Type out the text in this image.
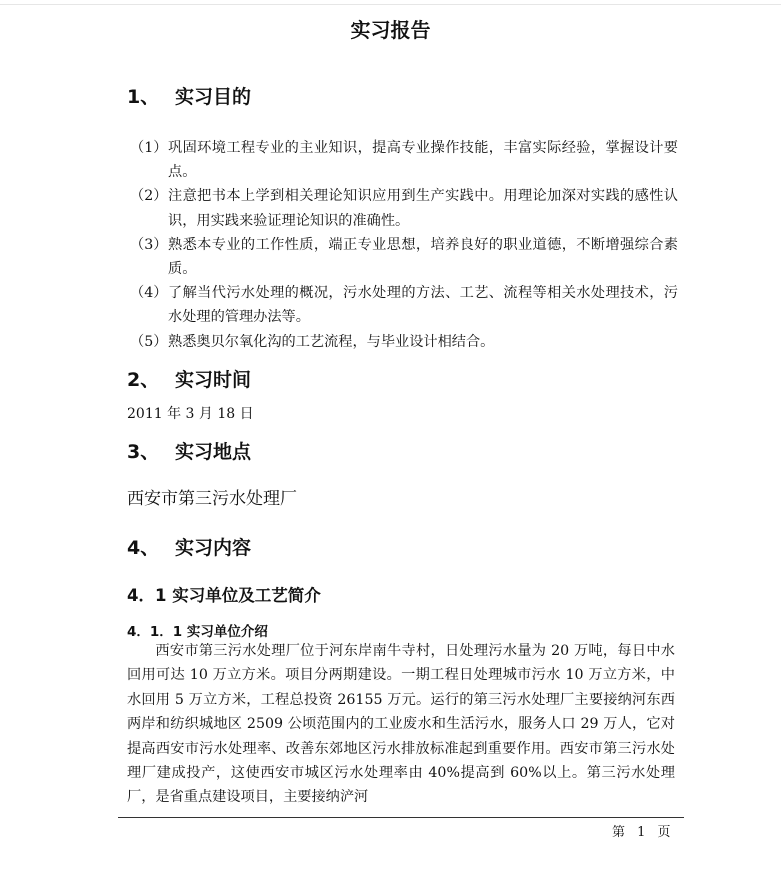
实习报告
1、 实习目的
（1） 巩固环境工程专业的主业知识，提高专业操作技能，丰富实际经验，掌握设计要点。
（2） 注意把书本上学到相关理论知识应用到生产实践中。用理论加深对实践的感性认识，用实践来验证理论知识的准确性。
（3） 熟悉本专业的工作性质，端正专业思想，培养良好的职业道德，不断增强综合素质。
（4） 了解当代污水处理的概况，污水处理的方法、工艺、流程等相关水处理技术，污水处理的管理办法等。
（5） 熟悉奥贝尔氧化沟的工艺流程，与毕业设计相结合。
2、 实习时间
2011 年 3 月 18 日
3、 实习地点
西安市第三污水处理厂
4、 实习内容
4．1 实习单位及工艺简介
4．1．1 实习单位介绍

西安市第三污水处理厂位于河东岸南牛寺村，日处理污水量为 20 万吨，每日中水回用可达 10 万立方米。项目分两期建设。一期工程日处理城市污水 10 万立方米，中水回用 5 万立方米，工程总投资 26155 万元。运行的第三污水处理厂主要接纳河东西两岸和纺织城地区 2509 公顷范围内的工业废水和生活污水，服务人口 29 万人，它对提高西安市污水处理率、改善东郊地区污水排放标准起到重要作用。西安市第三污水处理厂建成投产，这使西安市城区污水处理率由 40%提高到 60%以上。第三污水处理厂，是省重点建设项目，主要接纳浐河

第 1 页
